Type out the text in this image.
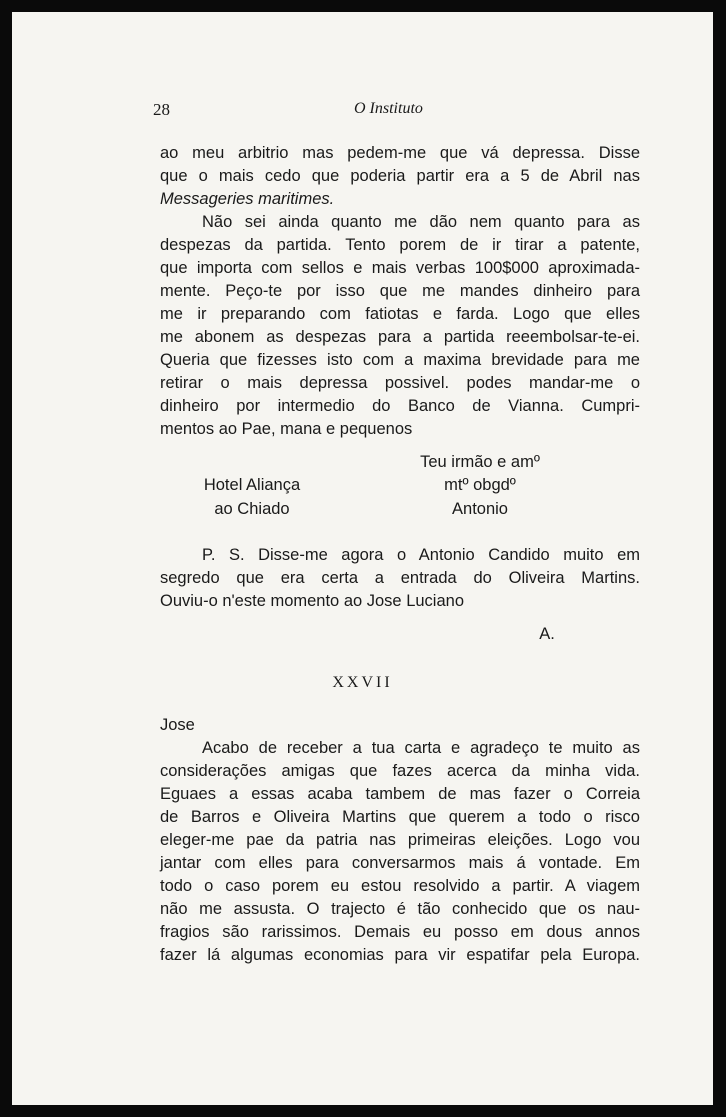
28	O Instituto
ao meu arbitrio mas pedem-me que vá depressa. Disse
que o mais cedo que poderia partir era a 5 de Abril nas
Messageries maritimes.
Não sei ainda quanto me dão nem quanto para as
despezas da partida. Tento porem de ir tirar a patente,
que importa com sellos e mais verbas 100$000 aproximada-
mente. Peço-te por isso que me mandes dinheiro para
me ir preparando com fatiotas e farda. Logo que elles
me abonem as despezas para a partida reeembolsar-te-ei.
Queria que fizesses isto com a maxima brevidade para me
retirar o mais depressa possivel. podes mandar-me o
dinheiro por intermedio do Banco de Vianna. Cumpri-
mentos ao Pae, mana e pequenos
Hotel Aliança
ao Chiado
Teu irmão e amº
mtº obgdº
Antonio
P. S. Disse-me agora o Antonio Candido muito em
segredo que era certa a entrada do Oliveira Martins.
Ouviu-o n'este momento ao Jose Luciano
A.
XXVII
Jose
Acabo de receber a tua carta e agradeço te muito as
considerações amigas que fazes acerca da minha vida.
Eguaes a essas acaba tambem de mas fazer o Correia
de Barros e Oliveira Martins que querem a todo o risco
eleger-me pae da patria nas primeiras eleições. Logo vou
jantar com elles para conversarmos mais á vontade. Em
todo o caso porem eu estou resolvido a partir. A viagem
não me assusta. O trajecto é tão conhecido que os nau-
fragios são rarissimos. Demais eu posso em dous annos
fazer lá algumas economias para vir espatifar pela Europa.
